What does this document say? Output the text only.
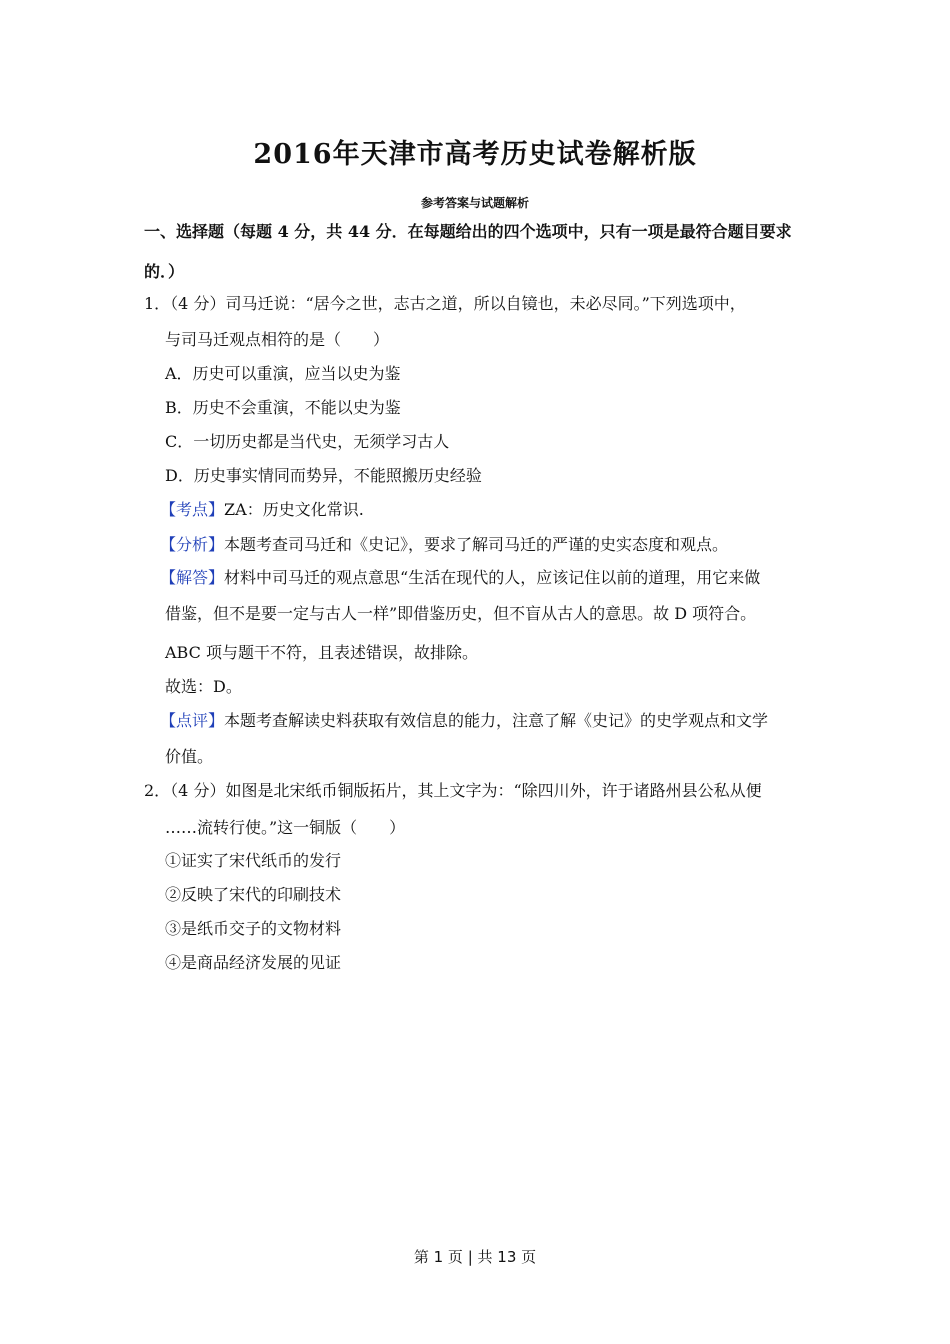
2016年天津市高考历史试卷解析版
参考答案与试题解析
一、选择题（每题 4 分，共 44 分．在每题给出的四个选项中，只有一项是最符合题目要求
的．）
1．（4 分）司马迁说：“居今之世，志古之道，所以自镜也，未必尽同。”下列选项中，
与司马迁观点相符的是（　　）
A．历史可以重演，应当以史为鉴
B．历史不会重演，不能以史为鉴
C．一切历史都是当代史，无须学习古人
D．历史事实情同而势异，不能照搬历史经验
【考点】ZA：历史文化常识.
【分析】本题考查司马迁和《史记》，要求了解司马迁的严谨的史实态度和观点。
【解答】材料中司马迁的观点意思“生活在现代的人，应该记住以前的道理，用它来做
借鉴，但不是要一定与古人一样”即借鉴历史，但不盲从古人的意思。故 D 项符合。
ABC 项与题干不符，且表述错误，故排除。
故选：D。
【点评】本题考查解读史料获取有效信息的能力，注意了解《史记》的史学观点和文学
价值。
2．（4 分）如图是北宋纸币铜版拓片，其上文字为：“除四川外，许于诸路州县公私从便
……流转行使。”这一铜版（　　）
①证实了宋代纸币的发行
②反映了宋代的印刷技术
③是纸币交子的文物材料
④是商品经济发展的见证
第 1 页 | 共 13 页
